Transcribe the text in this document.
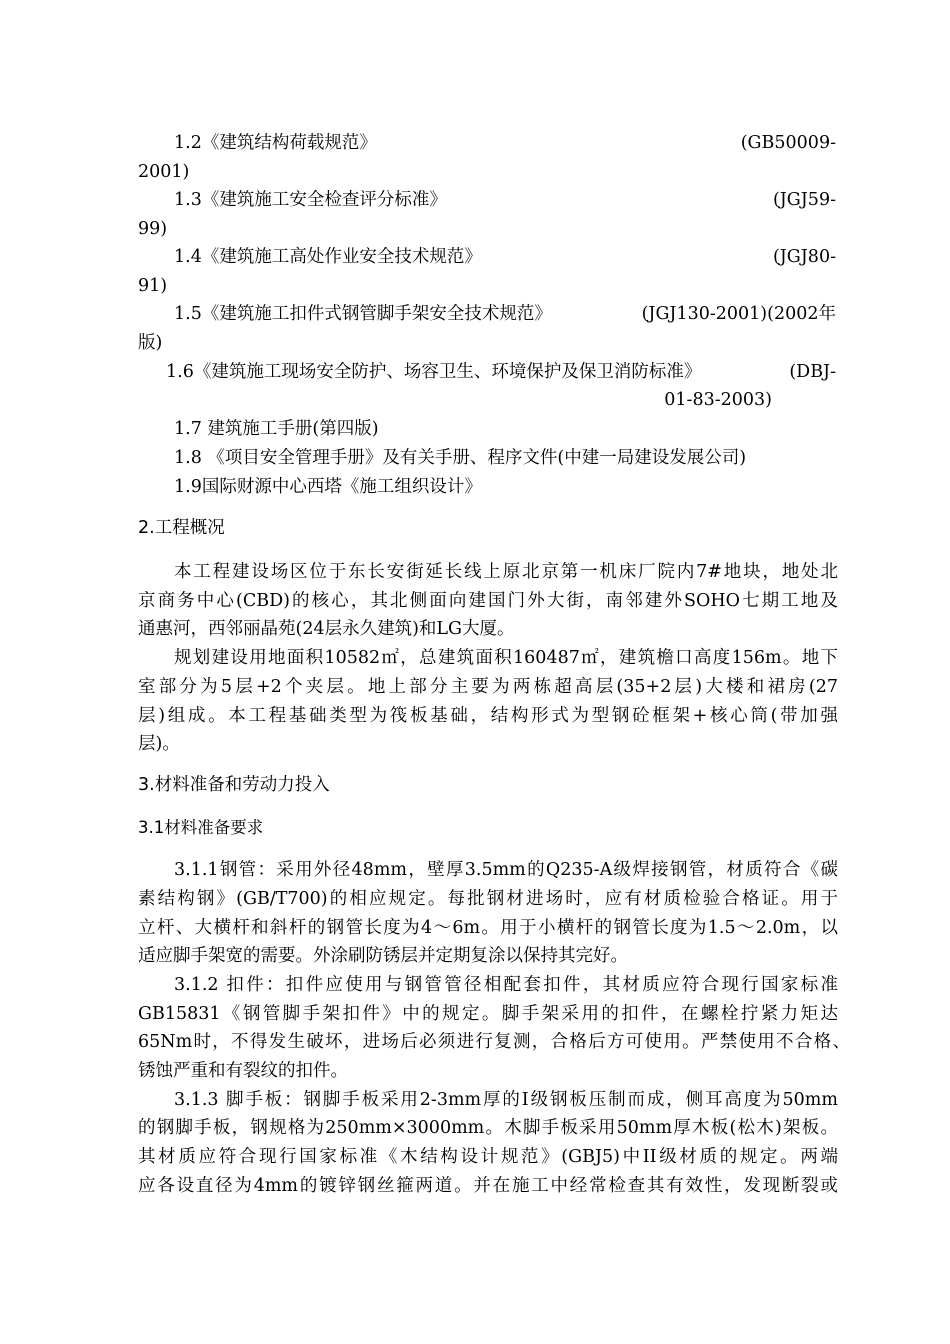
1.2《建筑结构荷载规范》	(GB50009-
2001)
1.3《建筑施工安全检查评分标准》	(JGJ59-
99)
1.4《建筑施工高处作业安全技术规范》	(JGJ80-
91)
1.5《建筑施工扣件式钢管脚手架安全技术规范》	(JGJ130-2001)(2002年
版)
1.6《建筑施工现场安全防护、场容卫生、环境保护及保卫消防标准》	(DBJ-
01-83-2003)
1.7 建筑施工手册(第四版)
1.8 《项目安全管理手册》及有关手册、程序文件(中建一局建设发展公司)
1.9国际财源中心西塔《施工组织设计》
2.工程概况
本工程建设场区位于东长安街延长线上原北京第一机床厂院内7#地块，地处北
京商务中心(CBD)的核心，其北侧面向建国门外大街，南邻建外SOHO七期工地及
通惠河，西邻丽晶苑(24层永久建筑)和LG大厦。
规划建设用地面积10582㎡，总建筑面积160487㎡，建筑檐口高度156m。地下
室部分为5层+2个夹层。地上部分主要为两栋超高层(35+2层)大楼和裙房(27
层)组成。本工程基础类型为筏板基础，结构形式为型钢砼框架+核心筒(带加强
层)。
3.材料准备和劳动力投入
3.1材料准备要求
3.1.1钢管：采用外径48mm，壁厚3.5mm的Q235-A级焊接钢管，材质符合《碳
素结构钢》(GB/T700)的相应规定。每批钢材进场时，应有材质检验合格证。用于
立杆、大横杆和斜杆的钢管长度为4～6m。用于小横杆的钢管长度为1.5～2.0m，以
适应脚手架宽的需要。外涂刷防锈层并定期复涂以保持其完好。
3.1.2 扣件：扣件应使用与钢管管径相配套扣件，其材质应符合现行国家标准
GB15831《钢管脚手架扣件》中的规定。脚手架采用的扣件，在螺栓拧紧力矩达
65Nm时，不得发生破坏，进场后必须进行复测，合格后方可使用。严禁使用不合格、
锈蚀严重和有裂纹的扣件。
3.1.3 脚手板：钢脚手板采用2-3mm厚的Ⅰ级钢板压制而成，侧耳高度为50mm
的钢脚手板，钢规格为250mm×3000mm。木脚手板采用50mm厚木板(松木)架板。
其材质应符合现行国家标准《木结构设计规范》(GBJ5)中II级材质的规定。两端
应各设直径为4mm的镀锌钢丝箍两道。并在施工中经常检查其有效性，发现断裂或
